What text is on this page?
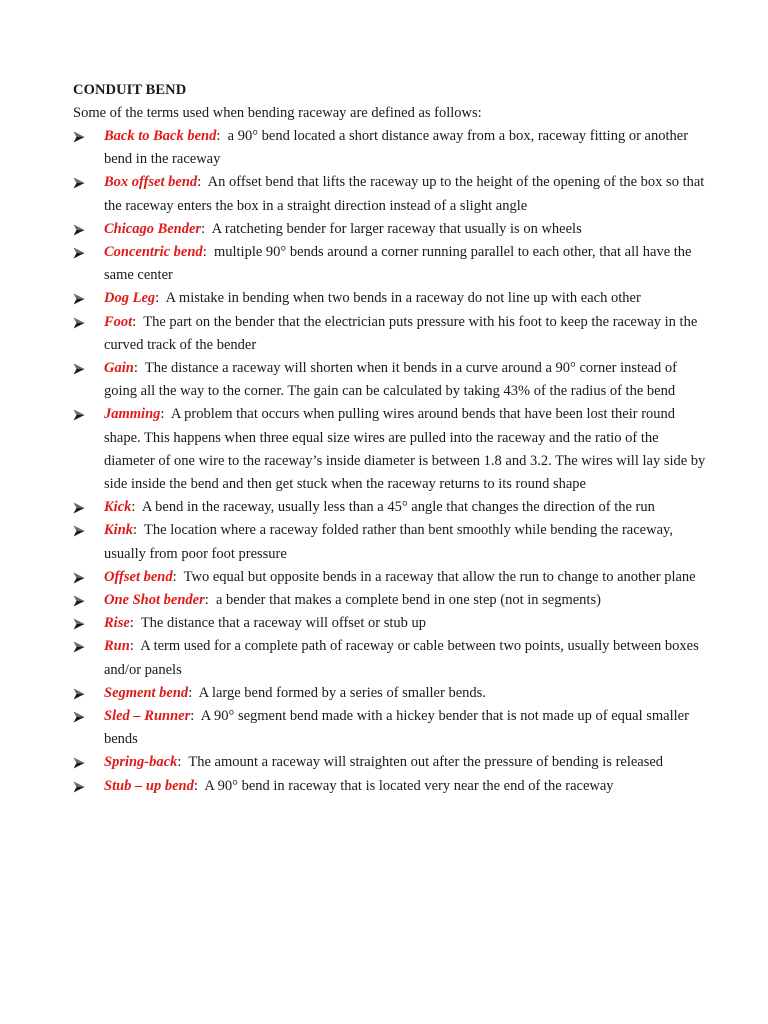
CONDUIT BEND

Some of the terms used when bending raceway are defined as follows:

Back to Back bend: a 90° bend located a short distance away from a box, raceway fitting or another bend in the raceway
Box offset bend: An offset bend that lifts the raceway up to the height of the opening of the box so that the raceway enters the box in a straight direction instead of a slight angle
Chicago Bender: A ratcheting bender for larger raceway that usually is on wheels
Concentric bend: multiple 90° bends around a corner running parallel to each other, that all have the same center
Dog Leg: A mistake in bending when two bends in a raceway do not line up with each other
Foot: The part on the bender that the electrician puts pressure with his foot to keep the raceway in the curved track of the bender
Gain: The distance a raceway will shorten when it bends in a curve around a 90° corner instead of going all the way to the corner. The gain can be calculated by taking 43% of the radius of the bend
Jamming: A problem that occurs when pulling wires around bends that have been lost their round shape. This happens when three equal size wires are pulled into the raceway and the ratio of the diameter of one wire to the raceway’s inside diameter is between 1.8 and 3.2. The wires will lay side by side inside the bend and then get stuck when the raceway returns to its round shape
Kick: A bend in the raceway, usually less than a 45° angle that changes the direction of the run
Kink: The location where a raceway folded rather than bent smoothly while bending the raceway, usually from poor foot pressure
Offset bend: Two equal but opposite bends in a raceway that allow the run to change to another plane
One Shot bender: a bender that makes a complete bend in one step (not in segments)
Rise: The distance that a raceway will offset or stub up
Run: A term used for a complete path of raceway or cable between two points, usually between boxes and/or panels
Segment bend: A large bend formed by a series of smaller bends.
Sled – Runner: A 90° segment bend made with a hickey bender that is not made up of equal smaller bends
Spring-back: The amount a raceway will straighten out after the pressure of bending is released
Stub – up bend: A 90° bend in raceway that is located very near the end of the raceway
